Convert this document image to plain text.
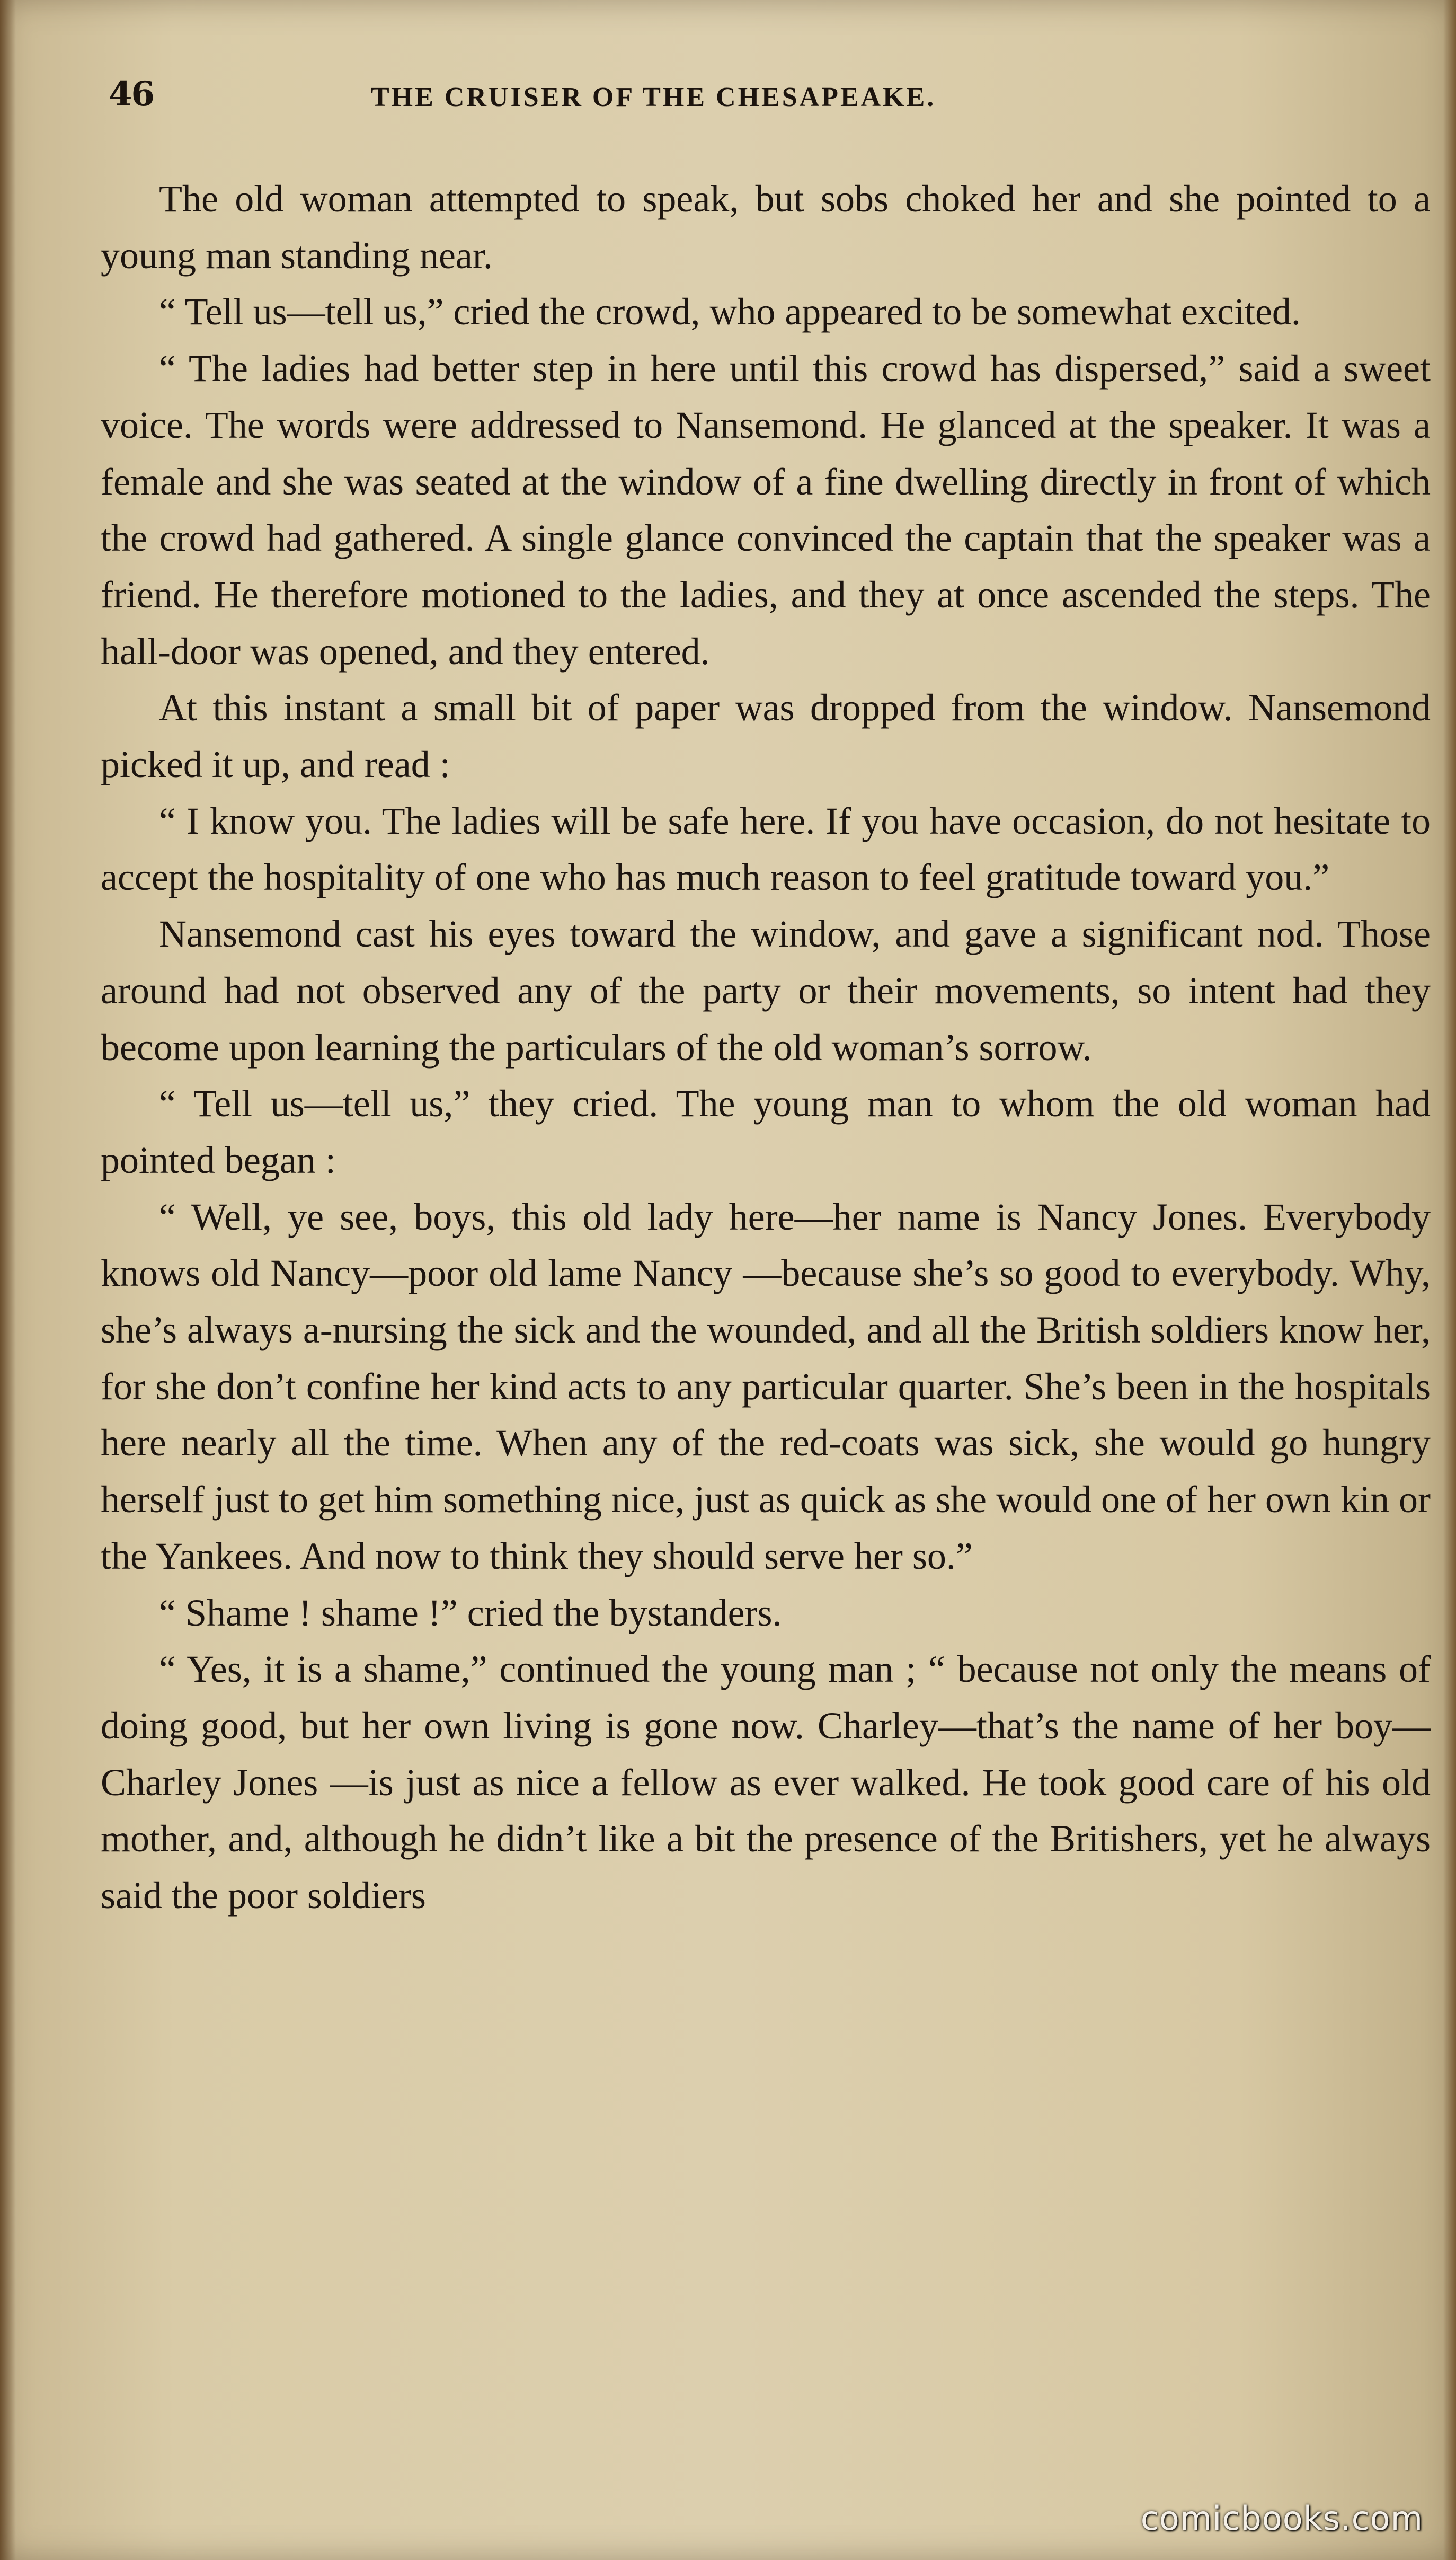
46	THE CRUISER OF THE CHESAPEAKE.

The old woman attempted to speak, but sobs choked her and she pointed to a young man standing near.

“ Tell us—tell us,” cried the crowd, who appeared to be somewhat excited.

“ The ladies had better step in here until this crowd has dispersed,” said a sweet voice. The words were addressed to Nansemond. He glanced at the speaker. It was a female and she was seated at the window of a fine dwelling directly in front of which the crowd had gathered. A single glance convinced the captain that the speaker was a friend. He therefore motioned to the ladies, and they at once ascended the steps. The hall-door was opened, and they entered.

At this instant a small bit of paper was dropped from the window. Nansemond picked it up, and read :

“ I know you. The ladies will be safe here. If you have occasion, do not hesitate to accept the hospitality of one who has much reason to feel gratitude toward you.”

Nansemond cast his eyes toward the window, and gave a significant nod. Those around had not observed any of the party or their movements, so intent had they become upon learning the particulars of the old woman’s sorrow.

“ Tell us—tell us,” they cried. The young man to whom the old woman had pointed began :

“ Well, ye see, boys, this old lady here—her name is Nancy Jones. Everybody knows old Nancy—poor old lame Nancy —because she’s so good to everybody. Why, she’s always a-nursing the sick and the wounded, and all the British soldiers know her, for she don’t confine her kind acts to any particular quarter. She’s been in the hospitals here nearly all the time. When any of the red-coats was sick, she would go hungry herself just to get him something nice, just as quick as she would one of her own kin or the Yankees. And now to think they should serve her so.”

“ Shame ! shame !” cried the bystanders.

“ Yes, it is a shame,” continued the young man ; “ because not only the means of doing good, but her own living is gone now. Charley—that’s the name of her boy—Charley Jones —is just as nice a fellow as ever walked. He took good care of his old mother, and, although he didn’t like a bit the presence of the Britishers, yet he always said the poor soldiers

comicbooks.com
